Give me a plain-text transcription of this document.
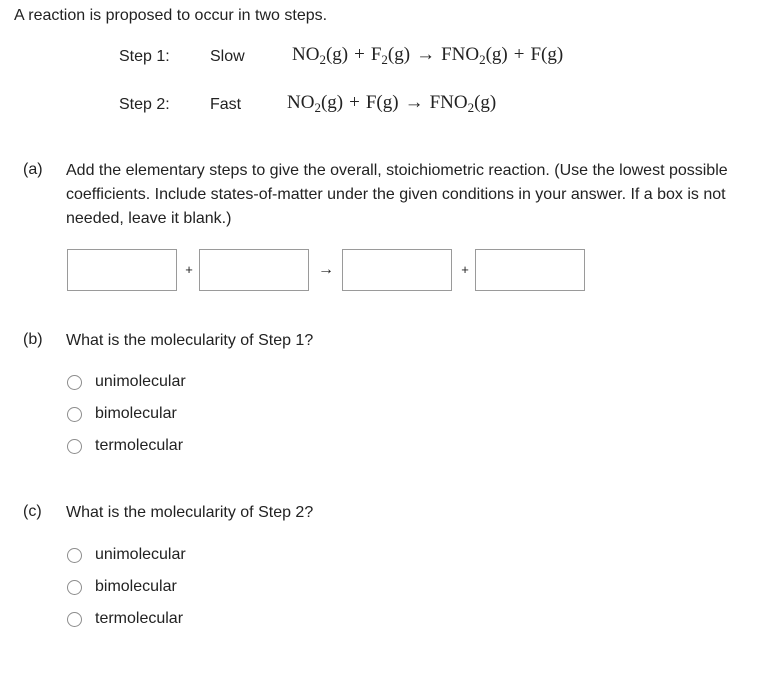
A reaction is proposed to occur in two steps.
Step 1:	Slow $NO_2(g) + F_2(g) \to FNO_2(g) + F(g)$
Step 2:	Fast $NO_2(g) + F(g) \to FNO_2(g)$
(a) Add the elementary steps to give the overall, stoichiometric reaction. (Use the lowest possible coefficients. Include states-of-matter under the given conditions in your answer. If a box is not needed, leave it blank.)
+	→	+
(b) What is the molecularity of Step 1?
unimolecular
bimolecular
termolecular
(c) What is the molecularity of Step 2?
unimolecular
bimolecular
termolecular
